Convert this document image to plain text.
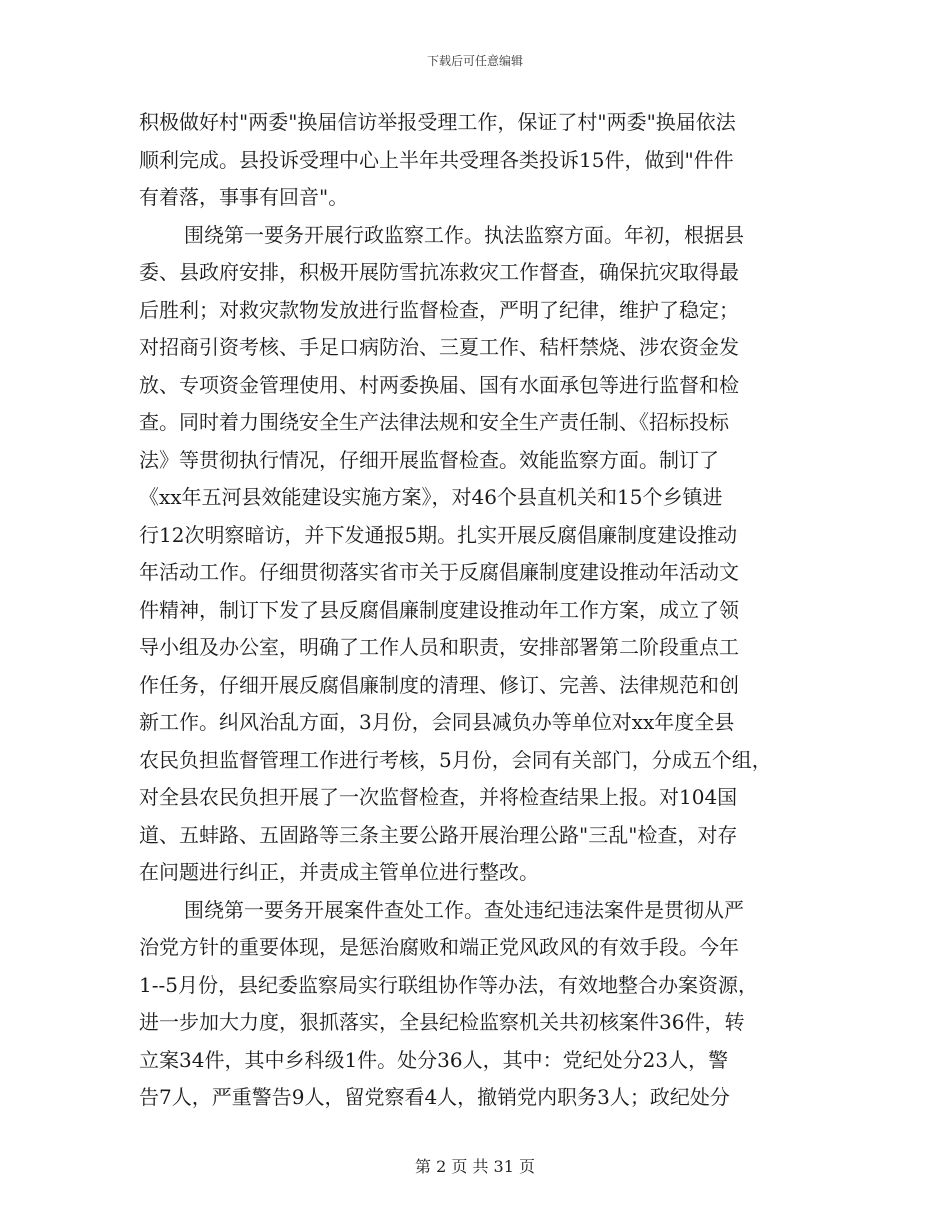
下载后可任意编辑
积极做好村"两委"换届信访举报受理工作，保证了村"两委"换届依法
顺利完成。县投诉受理中心上半年共受理各类投诉15件，做到"件件
有着落，事事有回音"。
围绕第一要务开展行政监察工作。执法监察方面。年初，根据县
委、县政府安排，积极开展防雪抗冻救灾工作督查，确保抗灾取得最
后胜利；对救灾款物发放进行监督检查，严明了纪律，维护了稳定；
对招商引资考核、手足口病防治、三夏工作、秸杆禁烧、涉农资金发
放、专项资金管理使用、村两委换届、国有水面承包等进行监督和检
查。同时着力围绕安全生产法律法规和安全生产责任制、《招标投标
法》等贯彻执行情况，仔细开展监督检查。效能监察方面。制订了
《xx年五河县效能建设实施方案》，对46个县直机关和15个乡镇进
行12次明察暗访，并下发通报5期。扎实开展反腐倡廉制度建设推动
年活动工作。仔细贯彻落实省市关于反腐倡廉制度建设推动年活动文
件精神，制订下发了县反腐倡廉制度建设推动年工作方案，成立了领
导小组及办公室，明确了工作人员和职责，安排部署第二阶段重点工
作任务，仔细开展反腐倡廉制度的清理、修订、完善、法律规范和创
新工作。纠风治乱方面，3月份，会同县减负办等单位对xx年度全县
农民负担监督管理工作进行考核，5月份，会同有关部门，分成五个组，
对全县农民负担开展了一次监督检查，并将检查结果上报。对104国
道、五蚌路、五固路等三条主要公路开展治理公路"三乱"检查，对存
在问题进行纠正，并责成主管单位进行整改。
围绕第一要务开展案件查处工作。查处违纪违法案件是贯彻从严
治党方针的重要体现，是惩治腐败和端正党风政风的有效手段。今年
1--5月份，县纪委监察局实行联组协作等办法，有效地整合办案资源，
进一步加大力度，狠抓落实，全县纪检监察机关共初核案件36件，转
立案34件，其中乡科级1件。处分36人，其中：党纪处分23人，警
告7人，严重警告9人，留党察看4人，撤销党内职务3人；政纪处分
第 2 页 共 31 页
